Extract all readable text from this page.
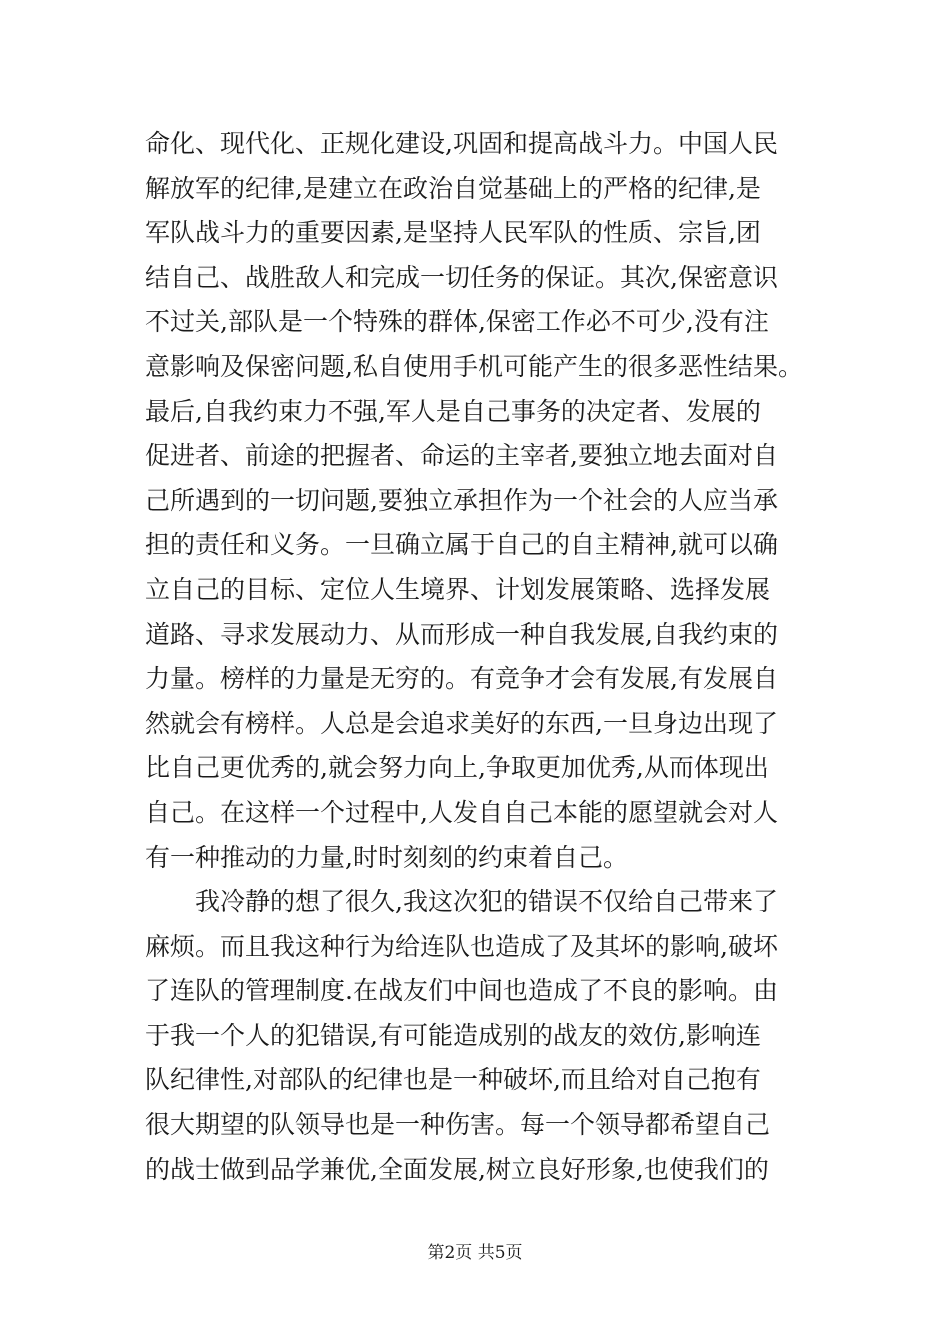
命化、现代化、正规化建设,巩固和提高战斗力。中国人民
解放军的纪律,是建立在政治自觉基础上的严格的纪律,是
军队战斗力的重要因素,是坚持人民军队的性质、宗旨,团
结自己、战胜敌人和完成一切任务的保证。其次,保密意识
不过关,部队是一个特殊的群体,保密工作必不可少,没有注
意影响及保密问题,私自使用手机可能产生的很多恶性结果。
最后,自我约束力不强,军人是自己事务的决定者、发展的
促进者、前途的把握者、命运的主宰者,要独立地去面对自
己所遇到的一切问题,要独立承担作为一个社会的人应当承
担的责任和义务。一旦确立属于自己的自主精神,就可以确
立自己的目标、定位人生境界、计划发展策略、选择发展
道路、寻求发展动力、从而形成一种自我发展,自我约束的
力量。榜样的力量是无穷的。有竞争才会有发展,有发展自
然就会有榜样。人总是会追求美好的东西,一旦身边出现了
比自己更优秀的,就会努力向上,争取更加优秀,从而体现出
自己。在这样一个过程中,人发自自己本能的愿望就会对人
有一种推动的力量,时时刻刻的约束着自己。
我冷静的想了很久,我这次犯的错误不仅给自己带来了
麻烦。而且我这种行为给连队也造成了及其坏的影响,破坏
了连队的管理制度.在战友们中间也造成了不良的影响。由
于我一个人的犯错误,有可能造成别的战友的效仿,影响连
队纪律性,对部队的纪律也是一种破坏,而且给对自己抱有
很大期望的队领导也是一种伤害。每一个领导都希望自己
的战士做到品学兼优,全面发展,树立良好形象,也使我们的
第2页 共5页
